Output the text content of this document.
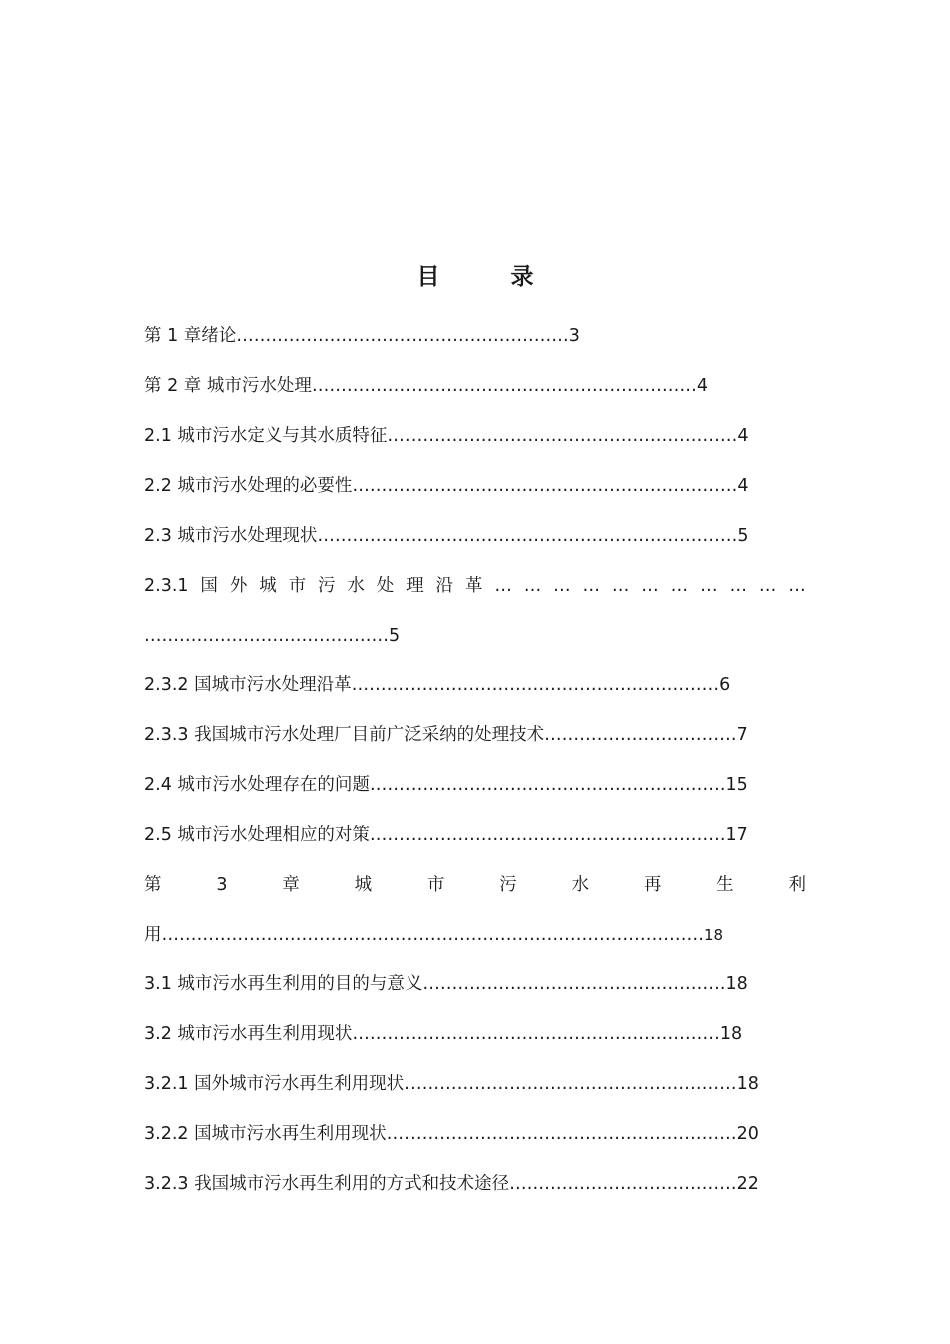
目　录
第 1 章绪论…………………………………………………3
第 2 章 城市污水处理…………………………………………………………4
2.1 城市污水定义与其水质特征……………………………………………………4
2.2 城市污水处理的必要性…………………………………………………………4
2.3 城市污水处理现状………………………………………………………………5
2.3.1 国 外 城 市 污 水 处 理 沿 革 … … … … … … … … … … …
……………………………………5
2.3.2 国城市污水处理沿革………………………………………………………6
2.3.3 我国城市污水处理厂目前广泛采纳的处理技术……………………………7
2.4 城市污水处理存在的问题…………………………………………………….15
2.5 城市污水处理相应的对策…………………………………………………….17
第	3	章	城	市	污	水	再	生	利
用…………………………………………………………………………………18
3.1 城市污水再生利用的目的与意义…………………………………………….18
3.2 城市污水再生利用现状………………………………………………………18
3.2.1 国外城市污水再生利用现状…………………………………………………18
3.2.2 国城市污水再生利用现状……………………………………………………20
3.2.3 我国城市污水再生利用的方式和技术途径…………………………………22
